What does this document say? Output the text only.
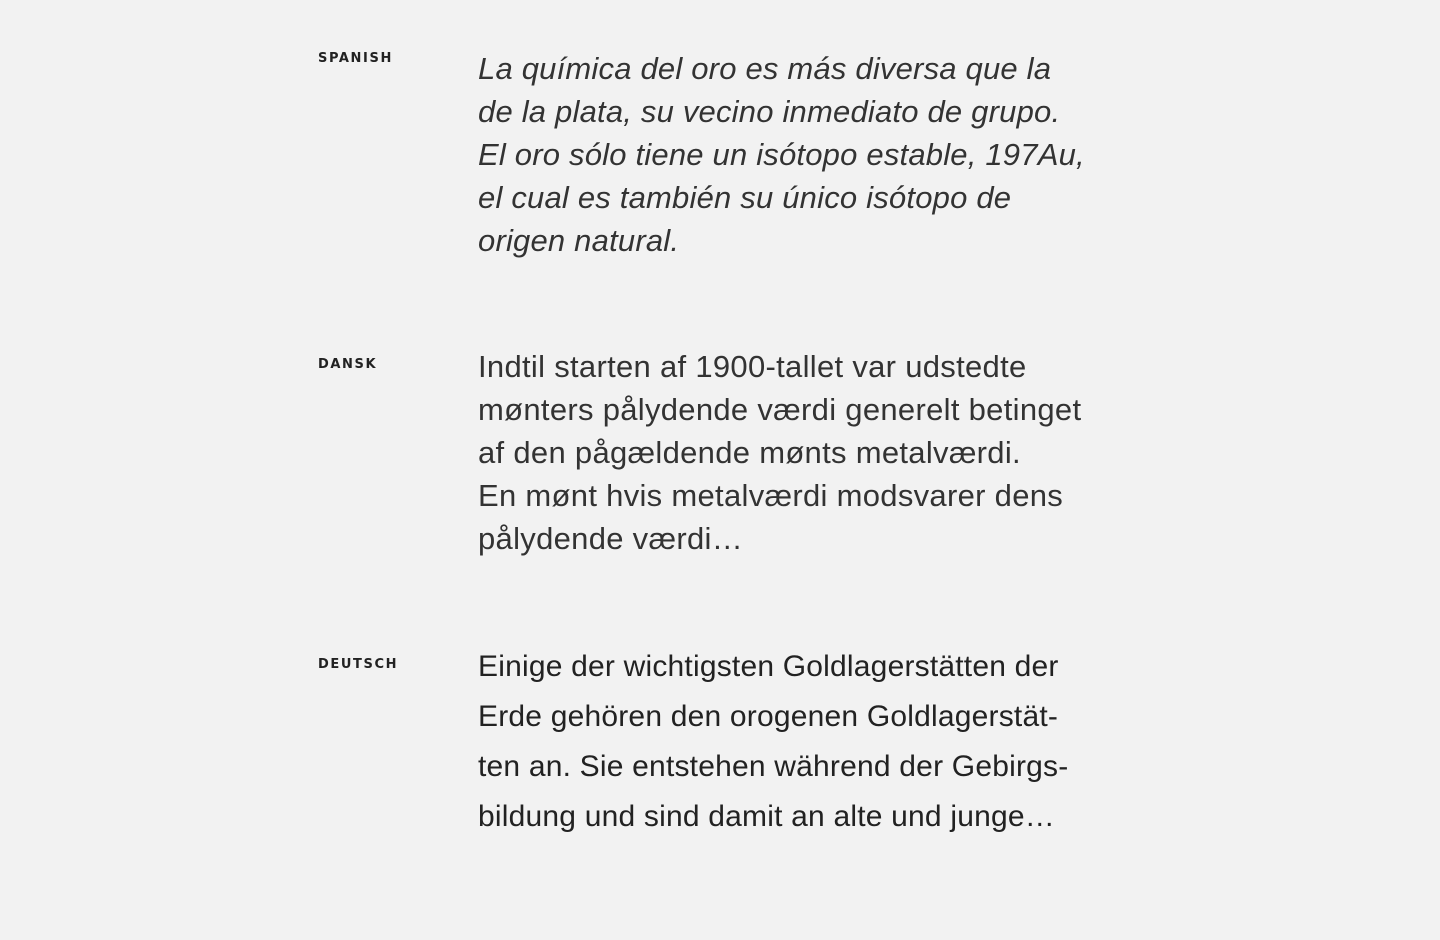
SPANISH	La química del oro es más diversa que la
de la plata, su vecino inmediato de grupo.
El oro sólo tiene un isótopo estable, 197Au,
el cual es también su único isótopo de
origen natural.

DANSK	Indtil starten af 1900-tallet var udstedte
mønters pålydende værdi generelt betinget
af den pågældende mønts metalværdi.
En mønt hvis metalværdi modsvarer dens
pålydende værdi…

DEUTSCH	Einige der wichtigsten Goldlagerstätten der
Erde gehören den orogenen Goldlagerstät-
ten an. Sie entstehen während der Gebirgs-
bildung und sind damit an alte und junge…
